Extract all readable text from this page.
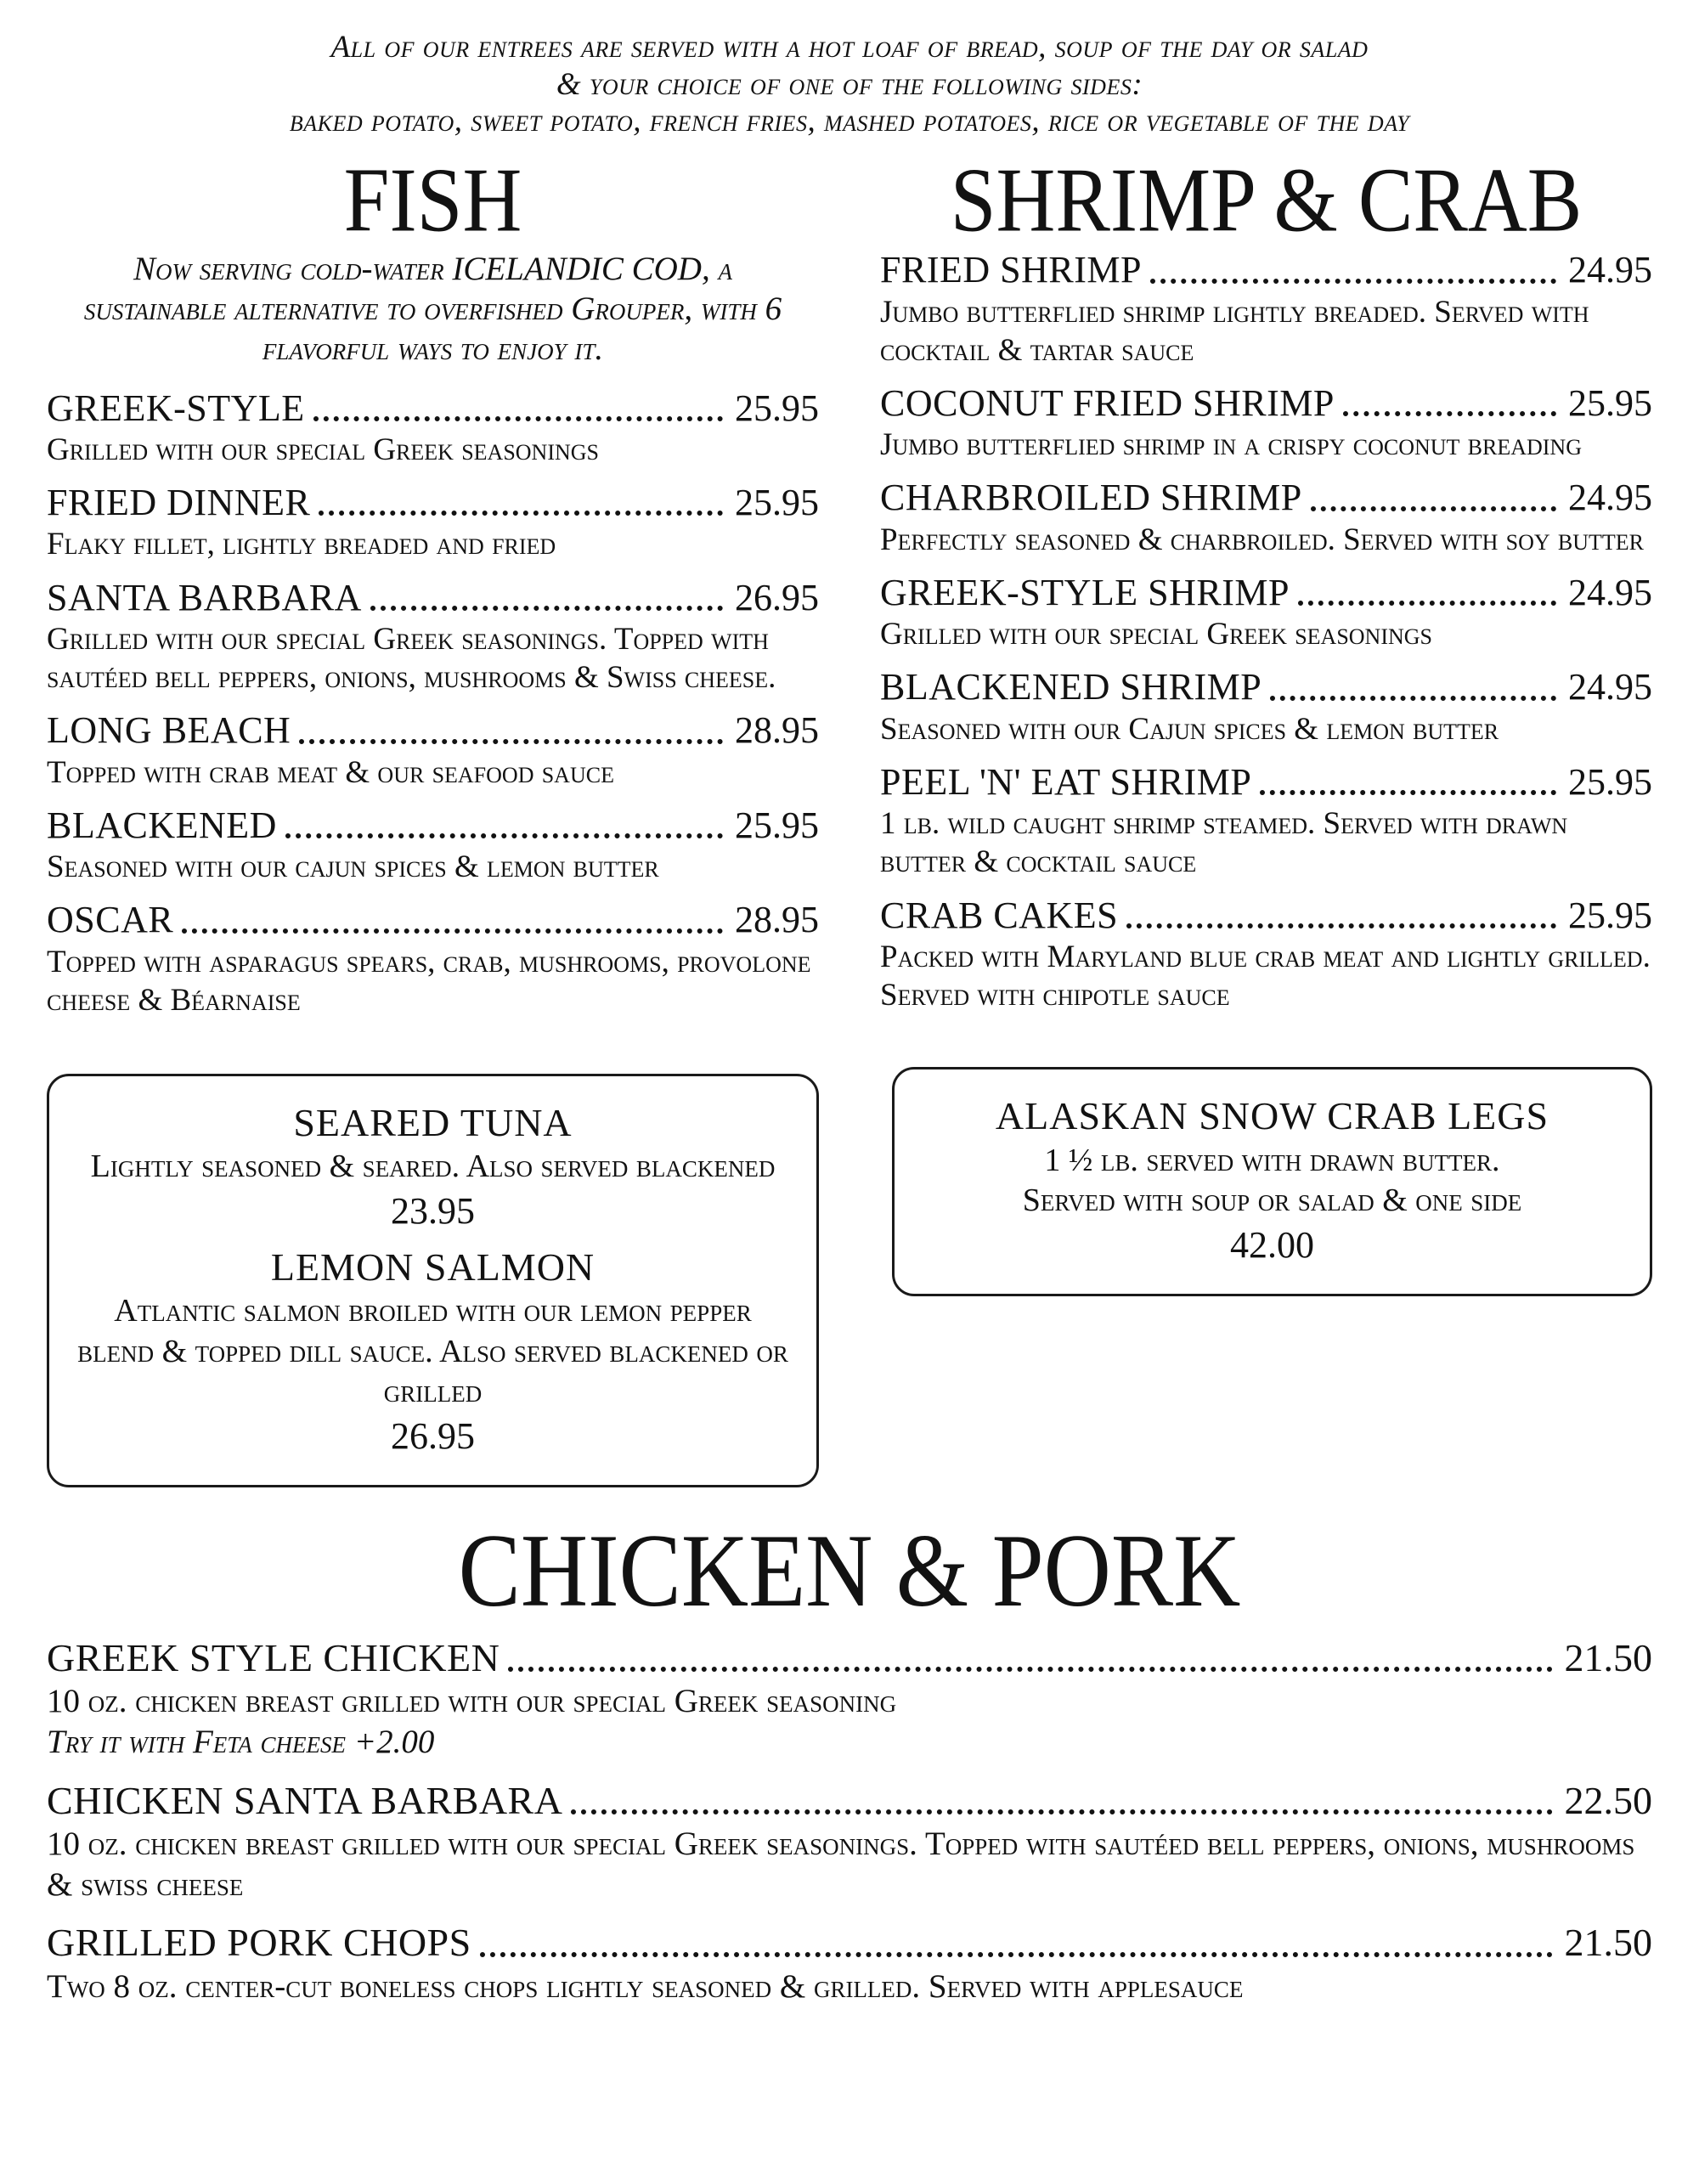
All of our entrees are served with a hot loaf of bread, soup of the day or salad
& your choice of one of the following sides:
baked potato, sweet potato, french fries, mashed potatoes, rice or vegetable of the day
FISH
Now serving cold-water ICELANDIC COD, a sustainable alternative to overfished Grouper, with 6 flavorful ways to enjoy it.
GREEK-STYLE	25.95
Grilled with our special Greek seasonings
FRIED DINNER	25.95
Flaky fillet, lightly breaded and fried
SANTA BARBARA	26.95
Grilled with our special Greek seasonings. Topped with sautéed bell peppers, onions, mushrooms & Swiss cheese.
LONG BEACH	28.95
Topped with crab meat & our seafood sauce
BLACKENED	25.95
Seasoned with our cajun spices & lemon butter
OSCAR	28.95
Topped with asparagus spears, crab, mushrooms, provolone cheese & Béarnaise
SEARED TUNA
Lightly seasoned & seared. Also served blackened
23.95
LEMON SALMON
Atlantic salmon broiled with our lemon pepper blend & topped dill sauce. Also served blackened or grilled
26.95
SHRIMP & CRAB
FRIED SHRIMP	24.95
Jumbo butterflied shrimp lightly breaded. Served with cocktail & tartar sauce
COCONUT FRIED SHRIMP	25.95
Jumbo butterflied shrimp in a crispy coconut breading
CHARBROILED SHRIMP	24.95
Perfectly seasoned & charbroiled. Served with soy butter
GREEK-STYLE SHRIMP	24.95
Grilled with our special Greek seasonings
BLACKENED SHRIMP	24.95
Seasoned with our Cajun spices & lemon butter
PEEL 'N' EAT SHRIMP	25.95
1 lb. wild caught shrimp steamed. Served with drawn butter & cocktail sauce
CRAB CAKES	25.95
Packed with Maryland blue crab meat and lightly grilled. Served with chipotle sauce
ALASKAN SNOW CRAB LEGS
1 ½ lb. served with drawn butter.
Served with soup or salad & one side
42.00
CHICKEN & PORK
GREEK STYLE CHICKEN	21.50
10 oz. chicken breast grilled with our special Greek seasoning
Try it with Feta cheese +2.00
CHICKEN SANTA BARBARA	22.50
10 oz. chicken breast grilled with our special Greek seasonings. Topped with sautéed bell peppers, onions, mushrooms & swiss cheese
GRILLED PORK CHOPS	21.50
Two 8 oz. center-cut boneless chops lightly seasoned & grilled. Served with applesauce
